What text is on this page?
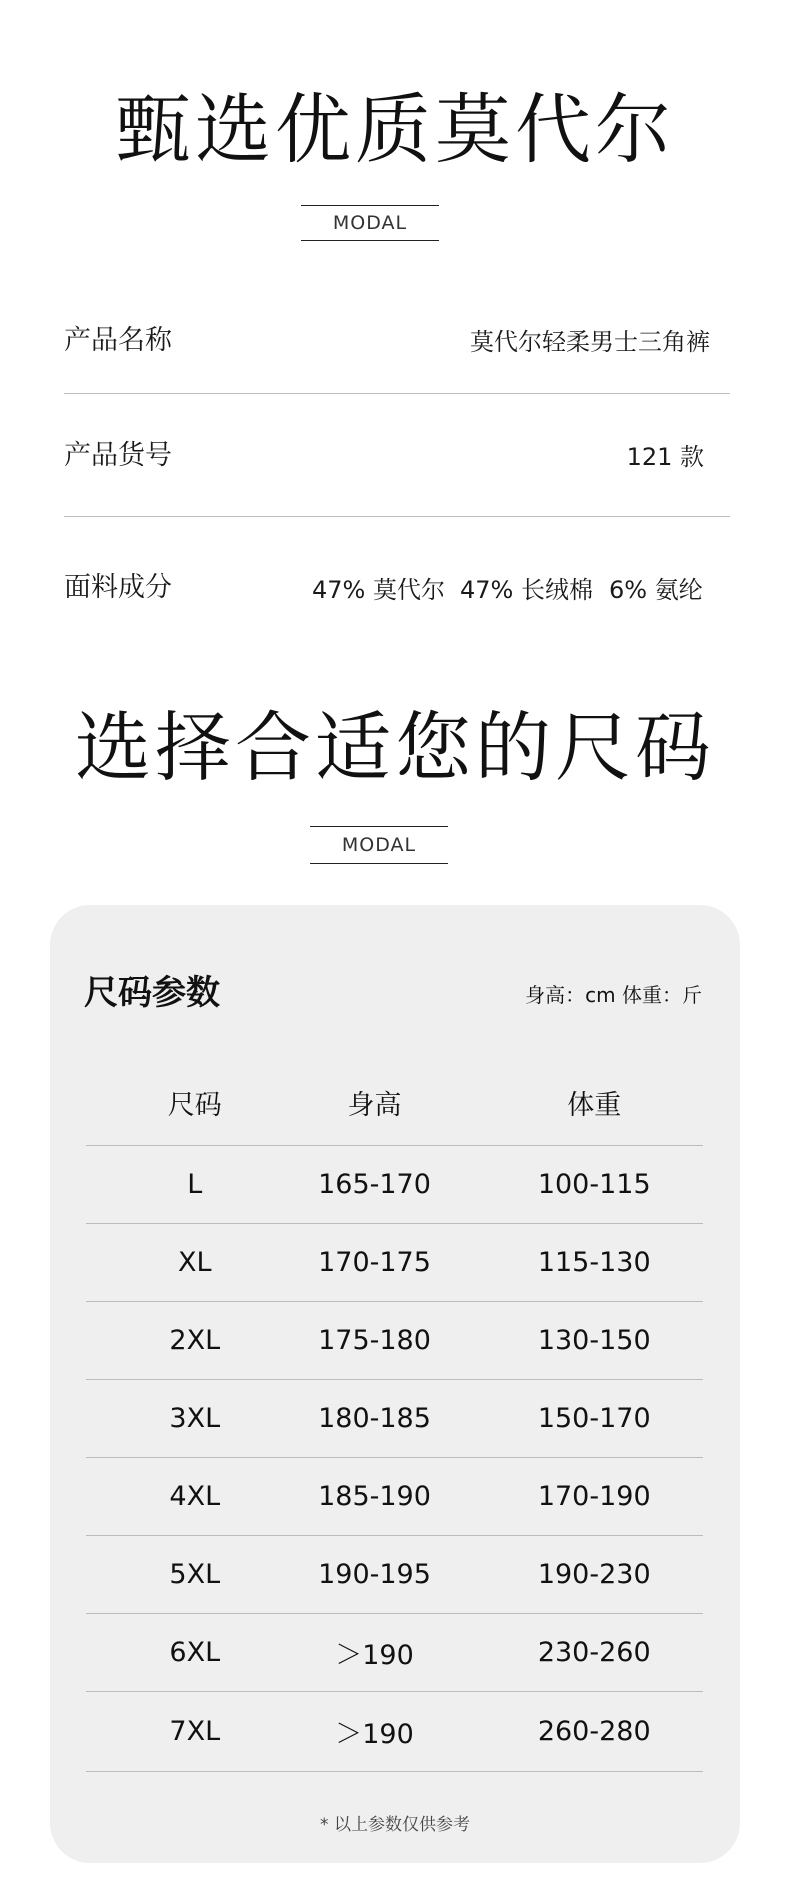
甄选优质莫代尔
MODAL
产品名称	莫代尔轻柔男士三角裤
产品货号	121 款
面料成分	47% 莫代尔 47% 长绒棉 6% 氨纶
选择合适您的尺码
MODAL
尺码参数	身高：cm 体重：斤
尺码	身高	体重
L	165-170	100-115
XL	170-175	115-130
2XL	175-180	130-150
3XL	180-185	150-170
4XL	185-190	170-190
5XL	190-195	190-230
6XL	＞190	230-260
7XL	＞190	260-280
* 以上参数仅供参考
